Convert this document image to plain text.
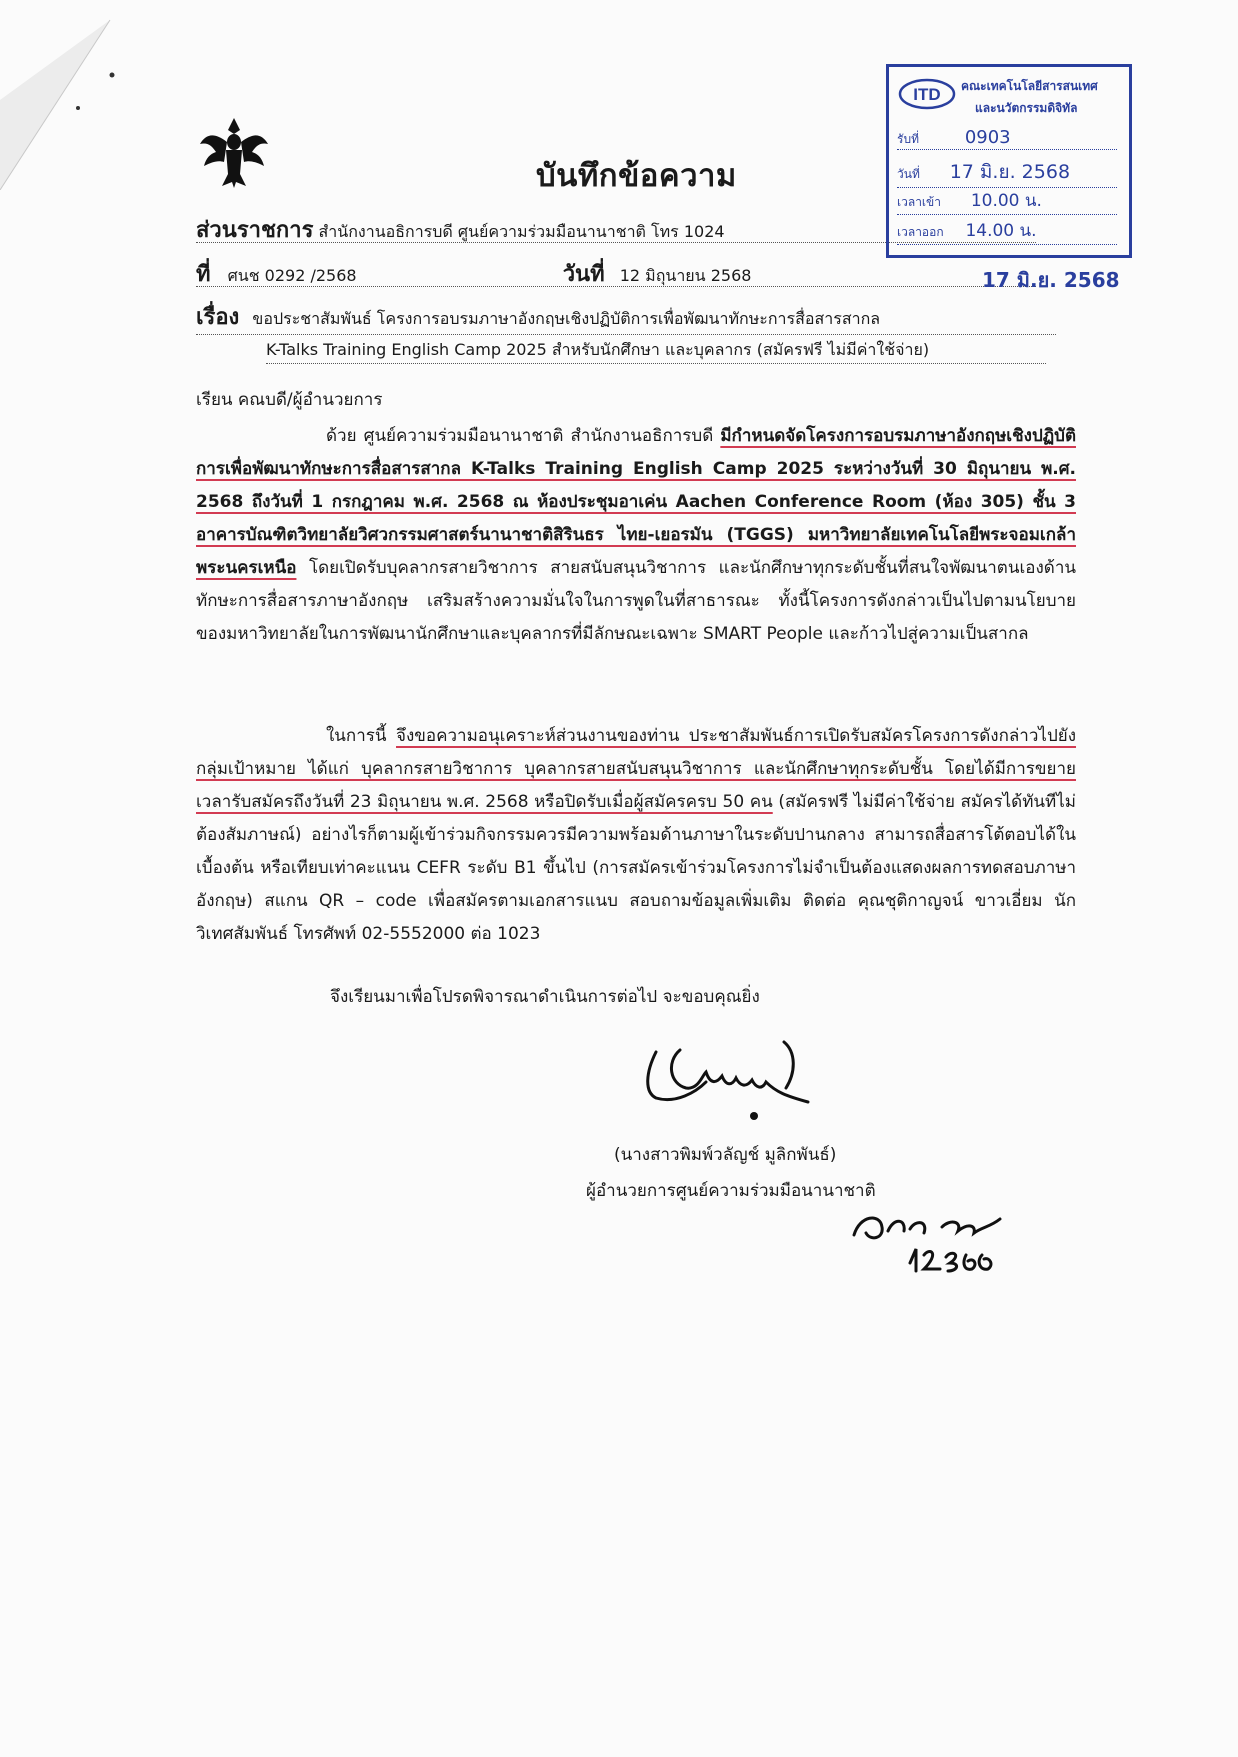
บันทึกข้อความ
ส่วนราชการ สำนักงานอธิการบดี ศูนย์ความร่วมมือนานาชาติ โทร 1024
ที่ ศนช 0292 /2568	วันที่ 12 มิถุนายน 2568
เรื่อง ขอประชาสัมพันธ์ โครงการอบรมภาษาอังกฤษเชิงปฏิบัติการเพื่อพัฒนาทักษะการสื่อสารสากล
K-Talks Training English Camp 2025 สำหรับนักศึกษา และบุคลากร (สมัครฟรี ไม่มีค่าใช้จ่าย)
ITD คณะเทคโนโลยีสารสนเทศ
และนวัตกรรมดิจิทัล
รับที่	0903
วันที่ 17 มิ.ย. 2568
เวลาเข้า 10.00 น.
เวลาออก 14.00 น.
17 มิ.ย. 2568
เรียน คณบดี/ผู้อำนวยการ
ด้วย ศูนย์ความร่วมมือนานาชาติ สำนักงานอธิการบดี มีกำหนดจัดโครงการอบรมภาษาอังกฤษเชิงปฏิบัติการเพื่อพัฒนาทักษะการสื่อสารสากล K-Talks Training English Camp 2025 ระหว่างวันที่ 30 มิถุนายน พ.ศ. 2568 ถึงวันที่ 1 กรกฎาคม พ.ศ. 2568 ณ ห้องประชุมอาเค่น Aachen Conference Room (ห้อง 305) ชั้น 3 อาคารบัณฑิตวิทยาลัยวิศวกรรมศาสตร์นานาชาติสิรินธร ไทย-เยอรมัน (TGGS) มหาวิทยาลัยเทคโนโลยีพระจอมเกล้าพระนครเหนือ โดยเปิดรับบุคลากรสายวิชาการ สายสนับสนุนวิชาการ และนักศึกษาทุกระดับชั้นที่สนใจพัฒนาตนเองด้านทักษะการสื่อสารภาษาอังกฤษ เสริมสร้างความมั่นใจในการพูดในที่สาธารณะ ทั้งนี้โครงการดังกล่าวเป็นไปตามนโยบายของมหาวิทยาลัยในการพัฒนานักศึกษาและบุคลากรที่มีลักษณะเฉพาะ SMART People และก้าวไปสู่ความเป็นสากล
ในการนี้ จึงขอความอนุเคราะห์ส่วนงานของท่าน ประชาสัมพันธ์การเปิดรับสมัครโครงการดังกล่าวไปยังกลุ่มเป้าหมาย ได้แก่ บุคลากรสายวิชาการ บุคลากรสายสนับสนุนวิชาการ และนักศึกษาทุกระดับชั้น โดยได้มีการขยายเวลารับสมัครถึงวันที่ 23 มิถุนายน พ.ศ. 2568 หรือปิดรับเมื่อผู้สมัครครบ 50 คน (สมัครฟรี ไม่มีค่าใช้จ่าย สมัครได้ทันทีไม่ต้องสัมภาษณ์) อย่างไรก็ตามผู้เข้าร่วมกิจกรรมควรมีความพร้อมด้านภาษาในระดับปานกลาง สามารถสื่อสารโต้ตอบได้ในเบื้องต้น หรือเทียบเท่าคะแนน CEFR ระดับ B1 ขึ้นไป (การสมัครเข้าร่วมโครงการไม่จำเป็นต้องแสดงผลการทดสอบภาษาอังกฤษ) สแกน QR – code เพื่อสมัครตามเอกสารแนบ สอบถามข้อมูลเพิ่มเติม ติดต่อ คุณชุติกาญจน์ ขาวเอี่ยม นักวิเทศสัมพันธ์ โทรศัพท์ 02-5552000 ต่อ 1023
จึงเรียนมาเพื่อโปรดพิจารณาดำเนินการต่อไป จะขอบคุณยิ่ง
(นางสาวพิมพ์วลัญช์ มูลิกพันธ์)
ผู้อำนวยการศูนย์ความร่วมมือนานาชาติ
